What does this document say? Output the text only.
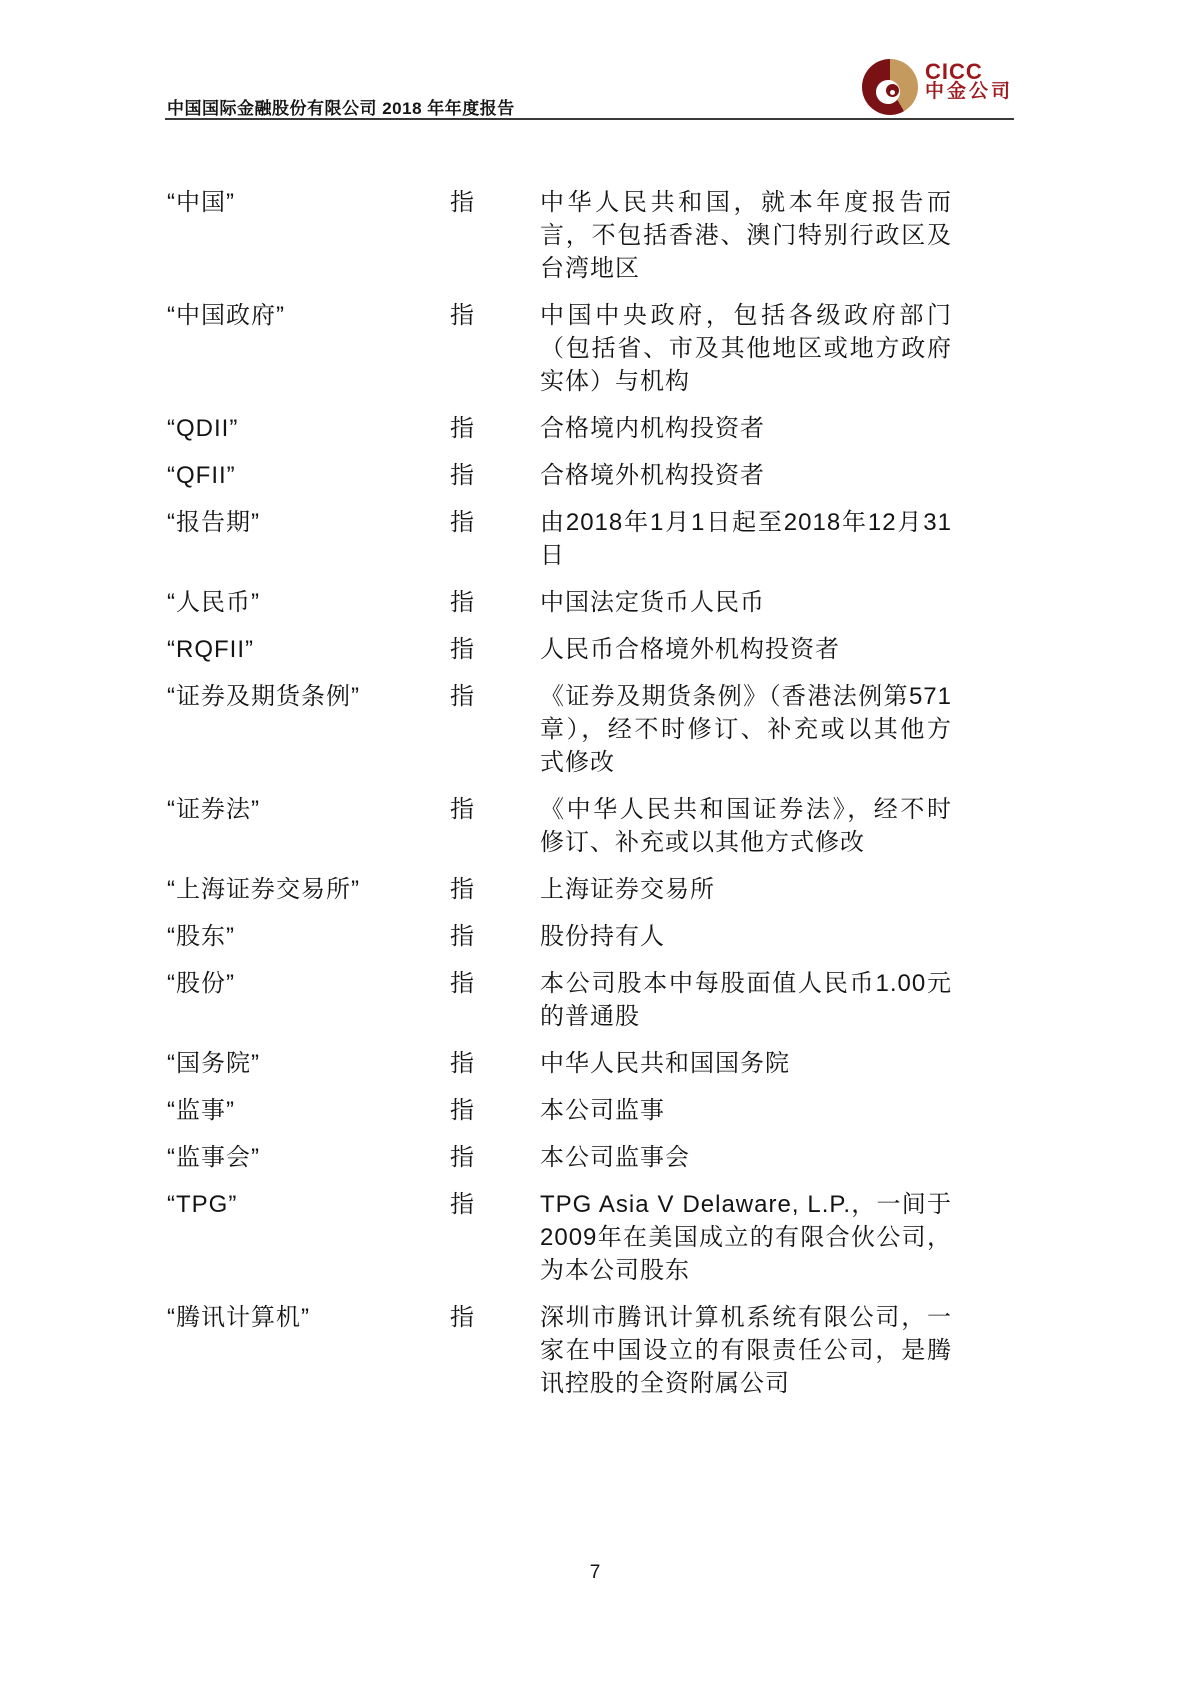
中国国际金融股份有限公司 2018 年年度报告
CICC
中金公司
“中国”	指	中华人民共和国，就本年度报告而言，不包括香港、澳门特别行政区及台湾地区
“中国政府”	指	中国中央政府，包括各级政府部门（包括省、市及其他地区或地方政府实体）与机构
“QDII”	指	合格境内机构投资者
“QFII”	指	合格境外机构投资者
“报告期”	指	由2018年1月1日起至2018年12月31日
“人民币”	指	中国法定货币人民币
“RQFII”	指	人民币合格境外机构投资者
“证券及期货条例”	指	《证券及期货条例》（香港法例第571章），经不时修订、补充或以其他方式修改
“证券法”	指	《中华人民共和国证券法》，经不时修订、补充或以其他方式修改
“上海证券交易所”	指	上海证券交易所
“股东”	指	股份持有人
“股份”	指	本公司股本中每股面值人民币1.00元的普通股
“国务院”	指	中华人民共和国国务院
“监事”	指	本公司监事
“监事会”	指	本公司监事会
“TPG”	指	TPG Asia V Delaware, L.P.，一间于2009年在美国成立的有限合伙公司，为本公司股东
“腾讯计算机”	指	深圳市腾讯计算机系统有限公司，一家在中国设立的有限责任公司，是腾讯控股的全资附属公司
7
